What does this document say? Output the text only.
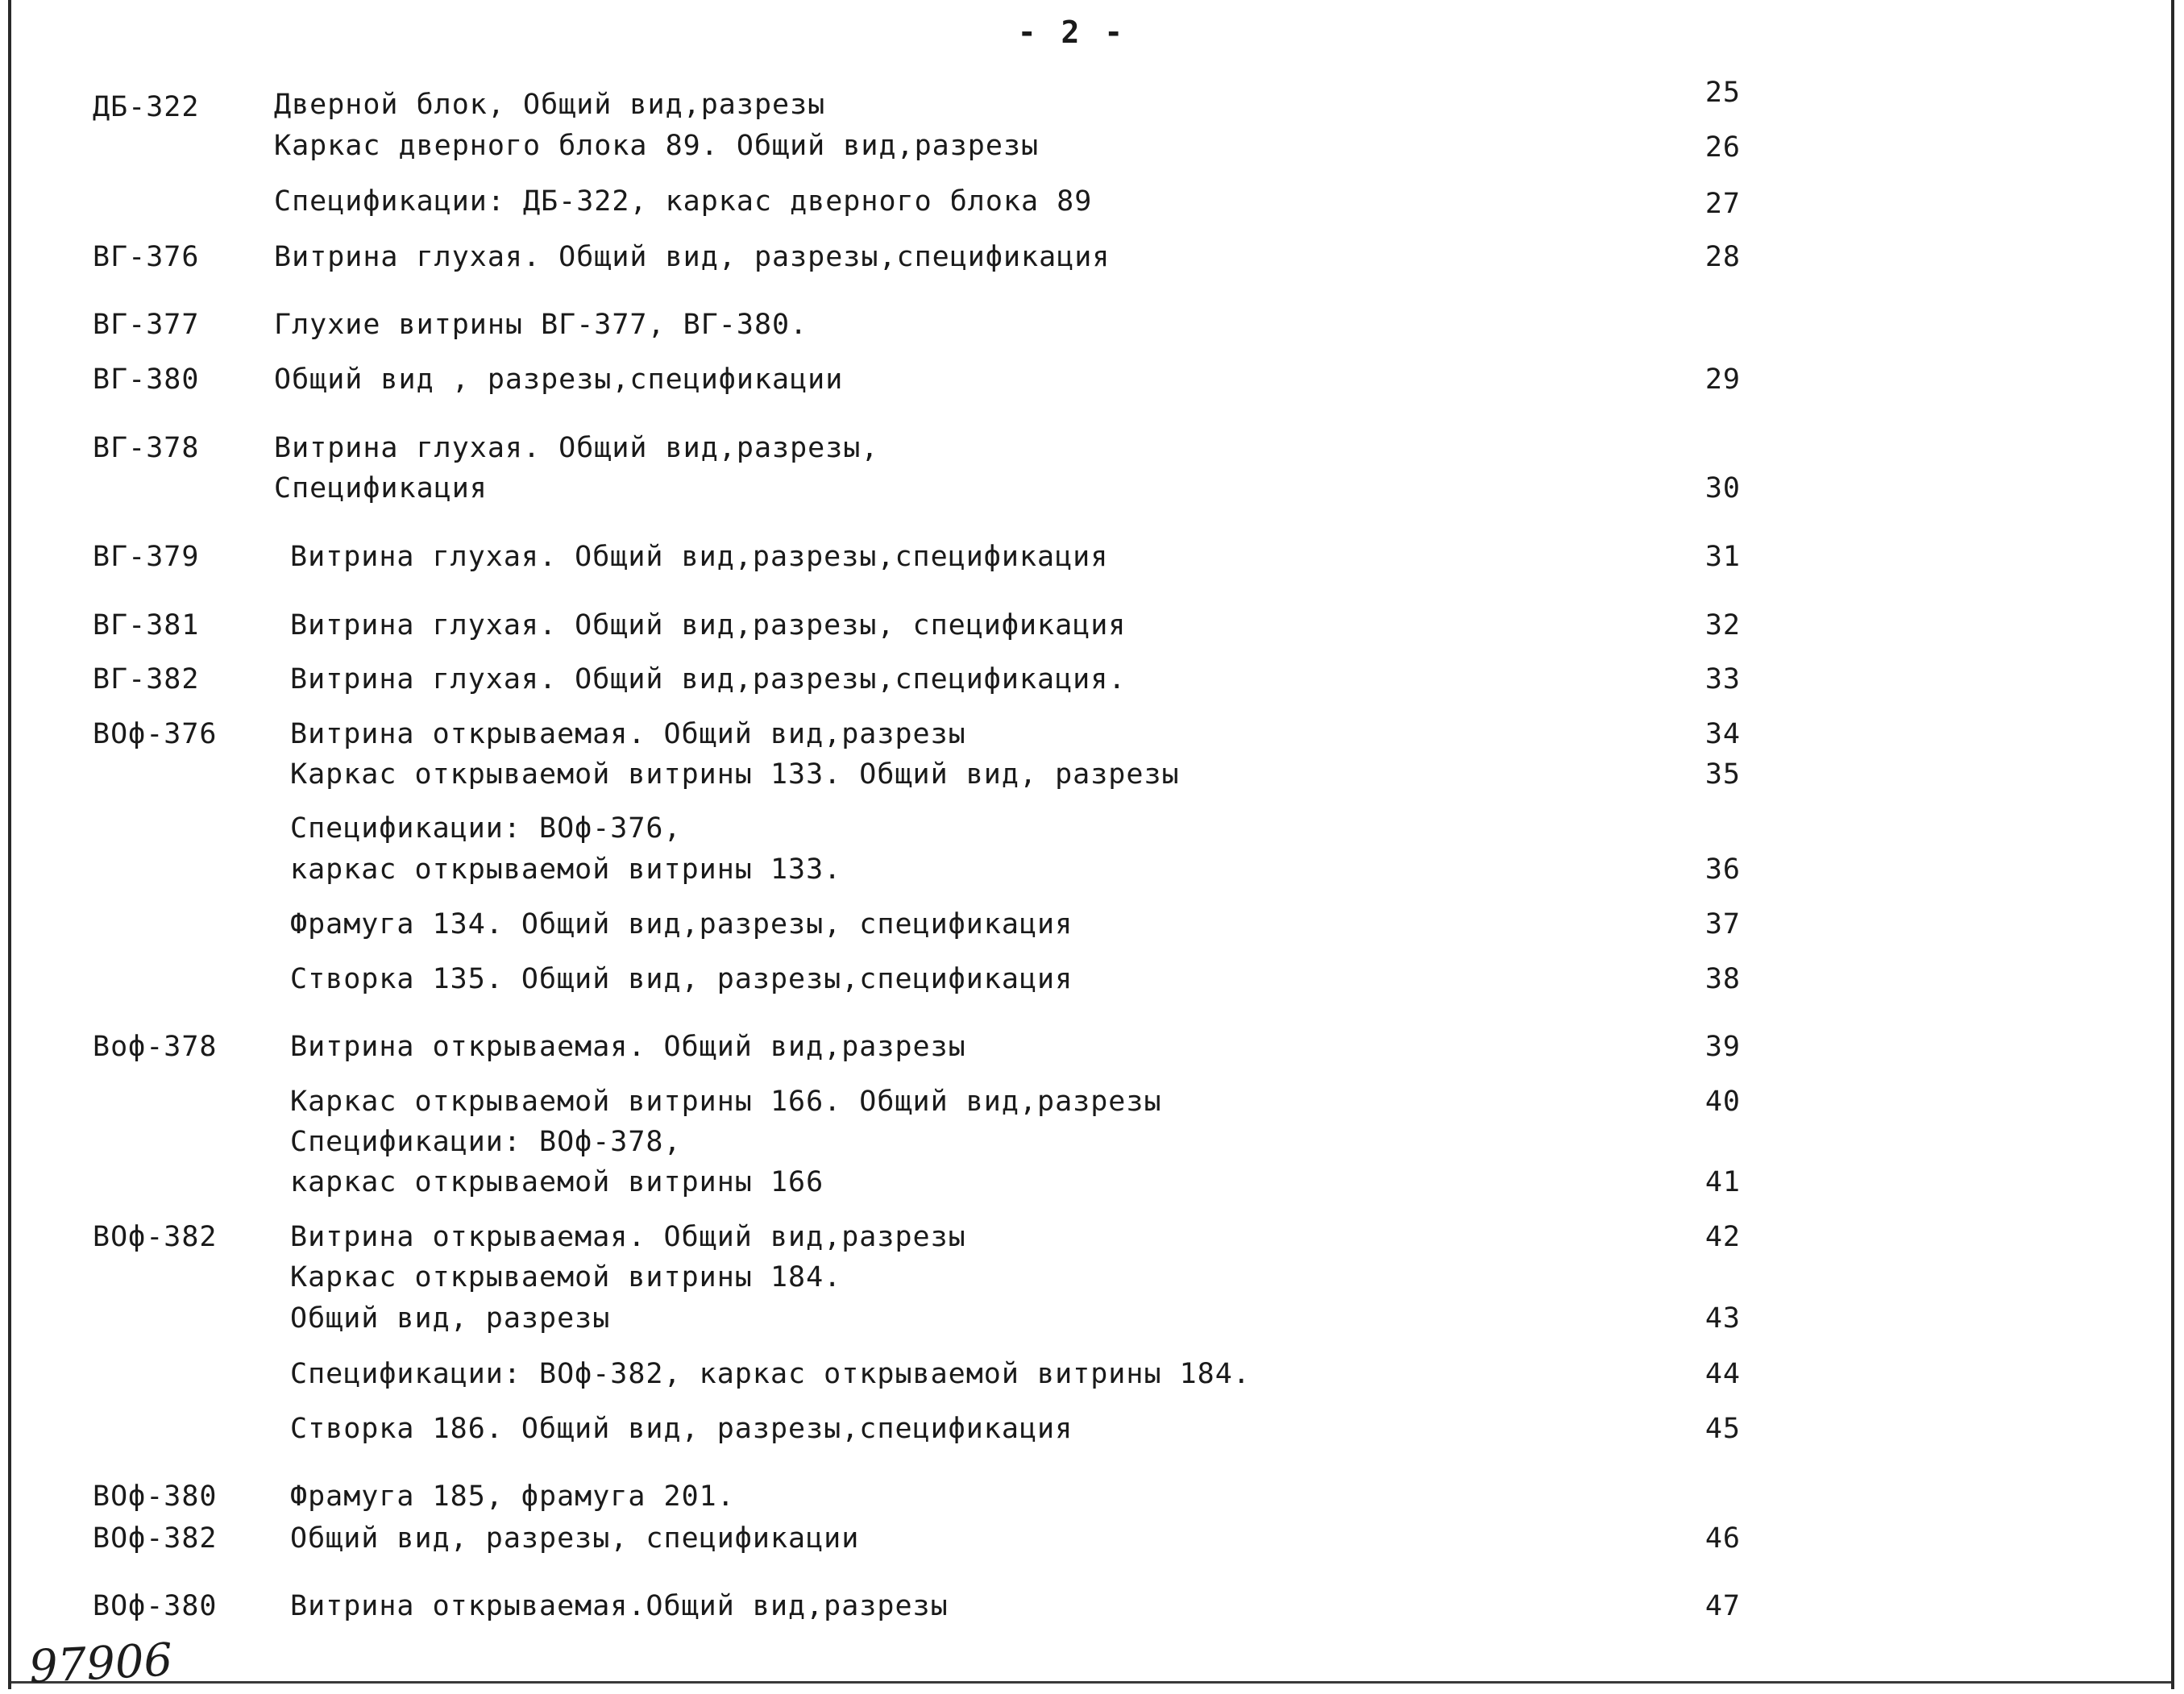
- 2 -
ДБ-322	Дверной блок, Общий вид,разрезы	25
Каркас дверного блока 89. Общий вид,разрезы	26
Спецификации: ДБ-322, каркас дверного блока 89	27
ВГ-376	Витрина глухая. Общий вид, разрезы,спецификация	28
ВГ-377	Глухие витрины ВГ-377, ВГ-380.
ВГ-380	Общий вид , разрезы,спецификации	29
ВГ-378	Витрина глухая. Общий вид,разрезы,
Спецификация	30
ВГ-379	Витрина глухая. Общий вид,разрезы,спецификация	31
ВГ-381	Витрина глухая. Общий вид,разрезы, спецификация	32
ВГ-382	Витрина глухая. Общий вид,разрезы,спецификация.	33
ВОф-376	Витрина открываемая. Общий вид,разрезы	34
Каркас открываемой витрины 133. Общий вид, разрезы	35
Спецификации: ВОф-376,
каркас открываемой витрины 133.	36
Фрамуга 134. Общий вид,разрезы, спецификация	37
Створка 135. Общий вид, разрезы,спецификация	38
Воф-378	Витрина открываемая. Общий вид,разрезы	39
Каркас открываемой витрины 166. Общий вид,разрезы	40
Спецификации: ВОф-378,
каркас открываемой витрины 166	41
ВОф-382	Витрина открываемая. Общий вид,разрезы	42
Каркас открываемой витрины 184.
Общий вид, разрезы	43
Спецификации: ВОф-382, каркас открываемой витрины 184.	44
Створка 186. Общий вид, разрезы,спецификация	45
ВОф-380	Фрамуга 185, фрамуга 201.
ВОф-382	Общий вид, разрезы, спецификации	46
ВОф-380	Витрина открываемая.Общий вид,разрезы	47
97906
